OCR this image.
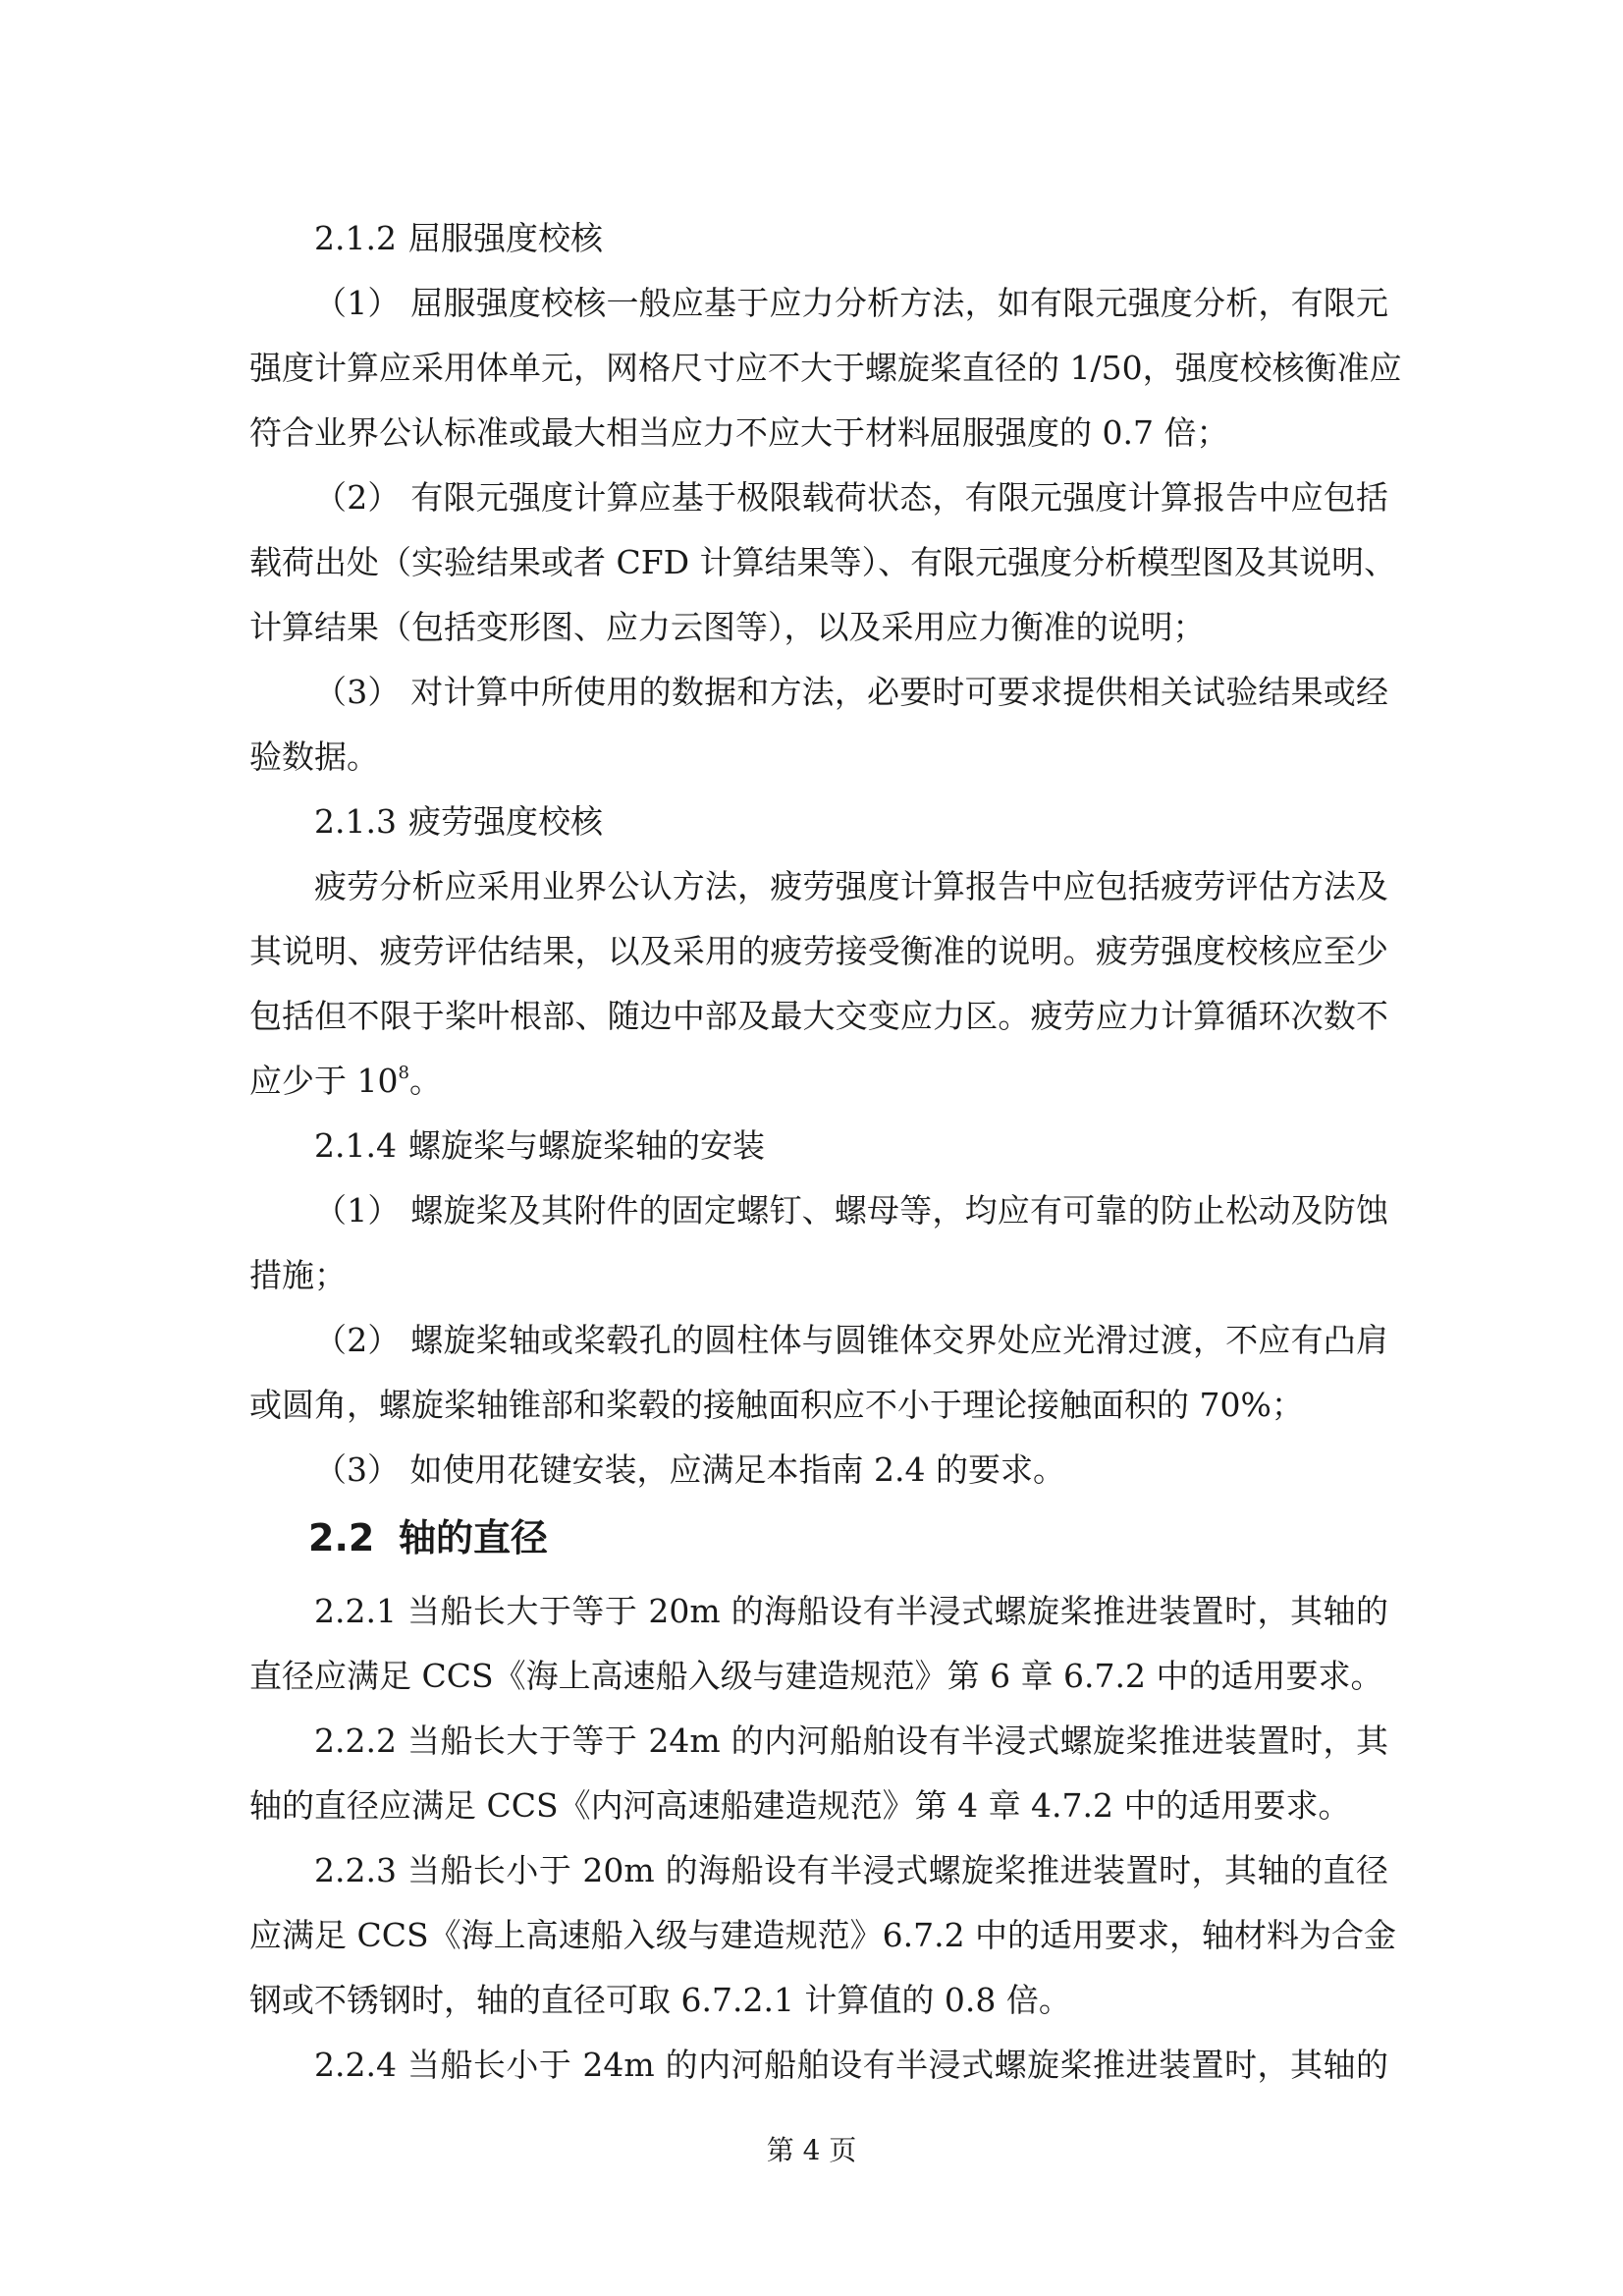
2.1.2 屈服强度校核
（1） 屈服强度校核一般应基于应力分析方法，如有限元强度分析，有限元
强度计算应采用体单元，网格尺寸应不大于螺旋桨直径的 1/50，强度校核衡准应
符合业界公认标准或最大相当应力不应大于材料屈服强度的 0.7 倍；
（2） 有限元强度计算应基于极限载荷状态，有限元强度计算报告中应包括
载荷出处（实验结果或者 CFD 计算结果等）、有限元强度分析模型图及其说明、
计算结果（包括变形图、应力云图等），以及采用应力衡准的说明；
（3） 对计算中所使用的数据和方法，必要时可要求提供相关试验结果或经
验数据。
2.1.3 疲劳强度校核
疲劳分析应采用业界公认方法，疲劳强度计算报告中应包括疲劳评估方法及
其说明、疲劳评估结果，以及采用的疲劳接受衡准的说明。疲劳强度校核应至少
包括但不限于桨叶根部、随边中部及最大交变应力区。疲劳应力计算循环次数不
应少于 $10^8$。
2.1.4 螺旋桨与螺旋桨轴的安装
（1） 螺旋桨及其附件的固定螺钉、螺母等，均应有可靠的防止松动及防蚀
措施；
（2） 螺旋桨轴或桨毂孔的圆柱体与圆锥体交界处应光滑过渡，不应有凸肩
或圆角，螺旋桨轴锥部和桨毂的接触面积应不小于理论接触面积的 70%；
（3） 如使用花键安装，应满足本指南 2.4 的要求。
2.2 轴的直径
2.2.1 当船长大于等于 20m 的海船设有半浸式螺旋桨推进装置时，其轴的
直径应满足 CCS《海上高速船入级与建造规范》第 6 章 6.7.2 中的适用要求。
2.2.2 当船长大于等于 24m 的内河船舶设有半浸式螺旋桨推进装置时，其
轴的直径应满足 CCS《内河高速船建造规范》第 4 章 4.7.2 中的适用要求。
2.2.3 当船长小于 20m 的海船设有半浸式螺旋桨推进装置时，其轴的直径
应满足 CCS《海上高速船入级与建造规范》6.7.2 中的适用要求，轴材料为合金
钢或不锈钢时，轴的直径可取 6.7.2.1 计算值的 0.8 倍。
2.2.4 当船长小于 24m 的内河船舶设有半浸式螺旋桨推进装置时，其轴的
第 4 页
